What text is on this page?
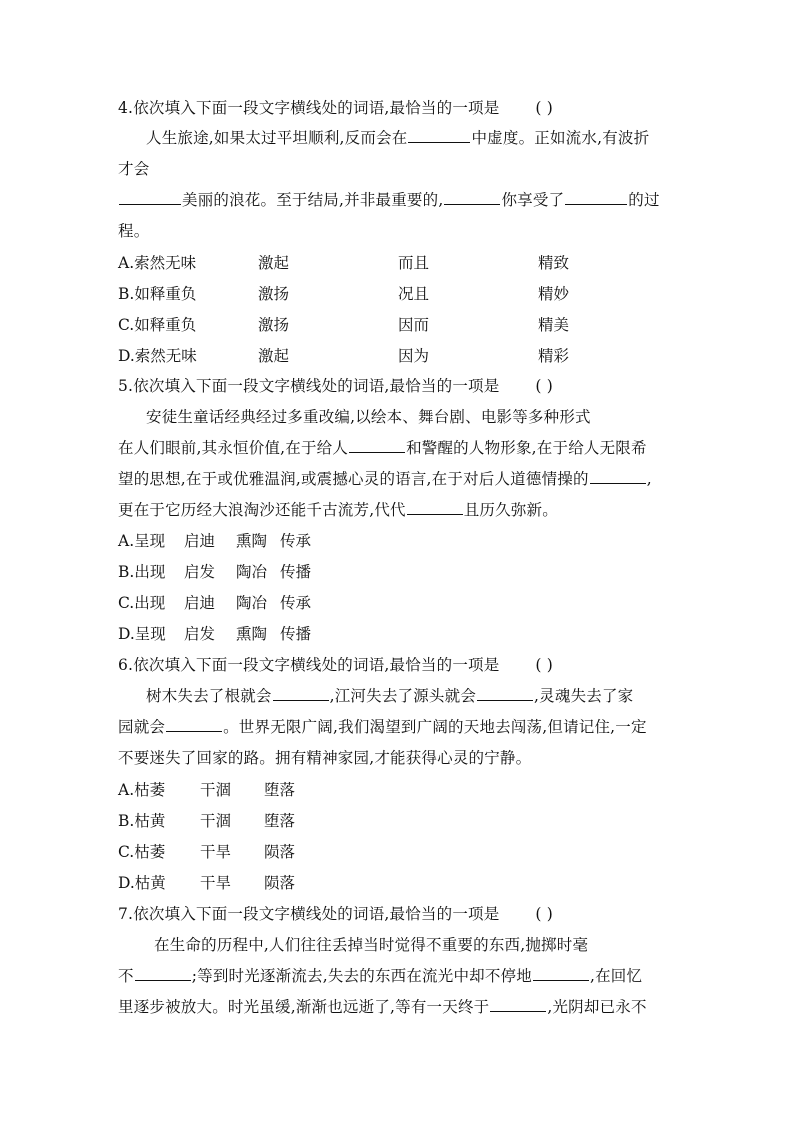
4.依次填入下面一段文字横线处的词语,最恰当的一项是 ( )
人生旅途,如果太过平坦顺利,反而会在	中虚度。正如流水,有波折
才会
美丽的浪花。至于结局,并非最重要的,	你享受了	的过
程。
A.索然无味	激起	而且	精致
B.如释重负	激扬	况且	精妙
C.如释重负	激扬	因而	精美
D.索然无味	激起	因为	精彩
5.依次填入下面一段文字横线处的词语,最恰当的一项是 ( )
安徒生童话经典经过多重改编,以绘本、舞台剧、电影等多种形式
在人们眼前,其永恒价值,在于给人	和警醒的人物形象,在于给人无限希
望的思想,在于或优雅温润,或震撼心灵的语言,在于对后人道德情操的	,
更在于它历经大浪淘沙还能千古流芳,代代	且历久弥新。
A.呈现 启迪 熏陶 传承
B.出现 启发 陶冶 传播
C.出现 启迪 陶冶 传承
D.呈现 启发 熏陶 传播
6.依次填入下面一段文字横线处的词语,最恰当的一项是 ( )
树木失去了根就会	,江河失去了源头就会	,灵魂失去了家
园就会	。世界无限广阔,我们渴望到广阔的天地去闯荡,但请记住,一定
不要迷失了回家的路。拥有精神家园,才能获得心灵的宁静。
A.枯萎 干涸 堕落
B.枯黄 干涸 堕落
C.枯萎 干旱 陨落
D.枯黄 干旱 陨落
7.依次填入下面一段文字横线处的词语,最恰当的一项是 ( )
在生命的历程中,人们往往丢掉当时觉得不重要的东西,抛掷时毫
不	;等到时光逐渐流去,失去的东西在流光中却不停地	,在回忆
里逐步被放大。时光虽缓,渐渐也远逝了,等有一天终于	,光阴却已永不
